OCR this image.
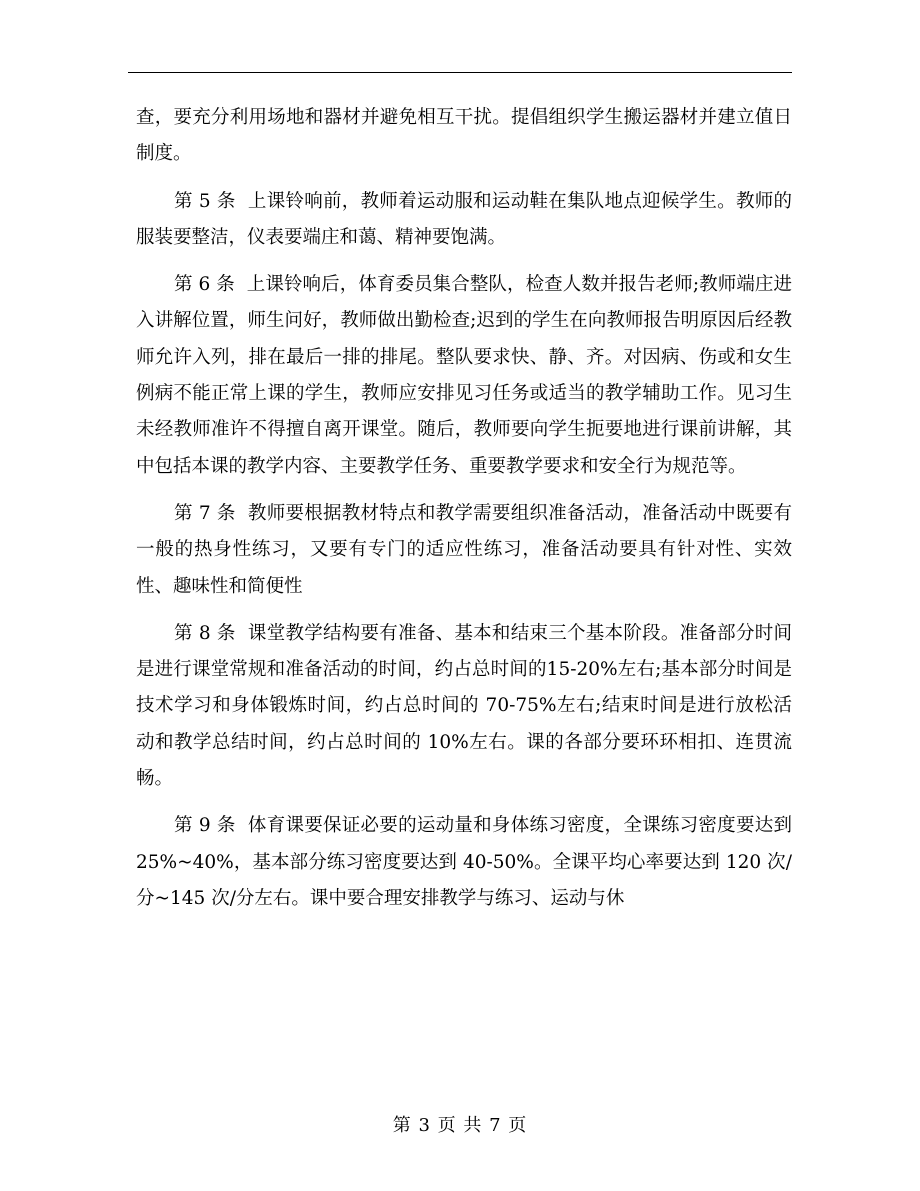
查，要充分利用场地和器材并避免相互干扰。提倡组织学生搬运器材并建立值日制度。

第 5 条  上课铃响前，教师着运动服和运动鞋在集队地点迎候学生。教师的服装要整洁，仪表要端庄和蔼、精神要饱满。

第 6 条  上课铃响后，体育委员集合整队，检查人数并报告老师;教师端庄进入讲解位置，师生问好，教师做出勤检查;迟到的学生在向教师报告明原因后经教师允许入列，排在最后一排的排尾。整队要求快、静、齐。对因病、伤或和女生例病不能正常上课的学生，教师应安排见习任务或适当的教学辅助工作。见习生未经教师准许不得擅自离开课堂。随后，教师要向学生扼要地进行课前讲解，其中包括本课的教学内容、主要教学任务、重要教学要求和安全行为规范等。

第 7 条  教师要根据教材特点和教学需要组织准备活动，准备活动中既要有一般的热身性练习，又要有专门的适应性练习，准备活动要具有针对性、实效性、趣味性和简便性

第 8 条  课堂教学结构要有准备、基本和结束三个基本阶段。准备部分时间是进行课堂常规和准备活动的时间，约占总时间的15-20%左右;基本部分时间是技术学习和身体锻炼时间，约占总时间的 70-75%左右;结束时间是进行放松活动和教学总结时间，约占总时间的 10%左右。课的各部分要环环相扣、连贯流畅。

第 9 条  体育课要保证必要的运动量和身体练习密度，全课练习密度要达到 25%~40%，基本部分练习密度要达到 40-50%。全课平均心率要达到 120 次/分~145 次/分左右。课中要合理安排教学与练习、运动与休

第 3 页 共 7 页
